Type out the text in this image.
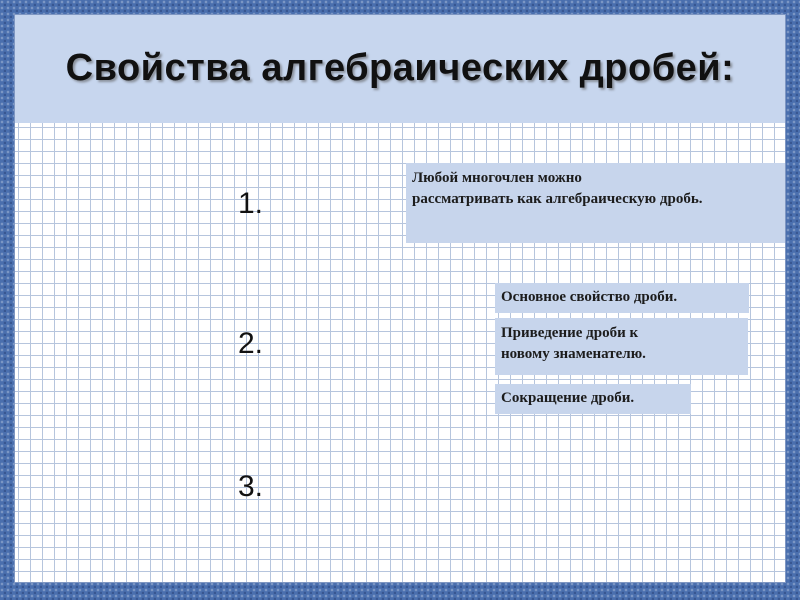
Свойства алгебраических дробей:
1.
2.
3.
Любой многочлен можно
рассматривать как алгебраическую дробь.
Основное свойство дроби.
Приведение дроби к
новому знаменателю.
Сокращение дроби.
